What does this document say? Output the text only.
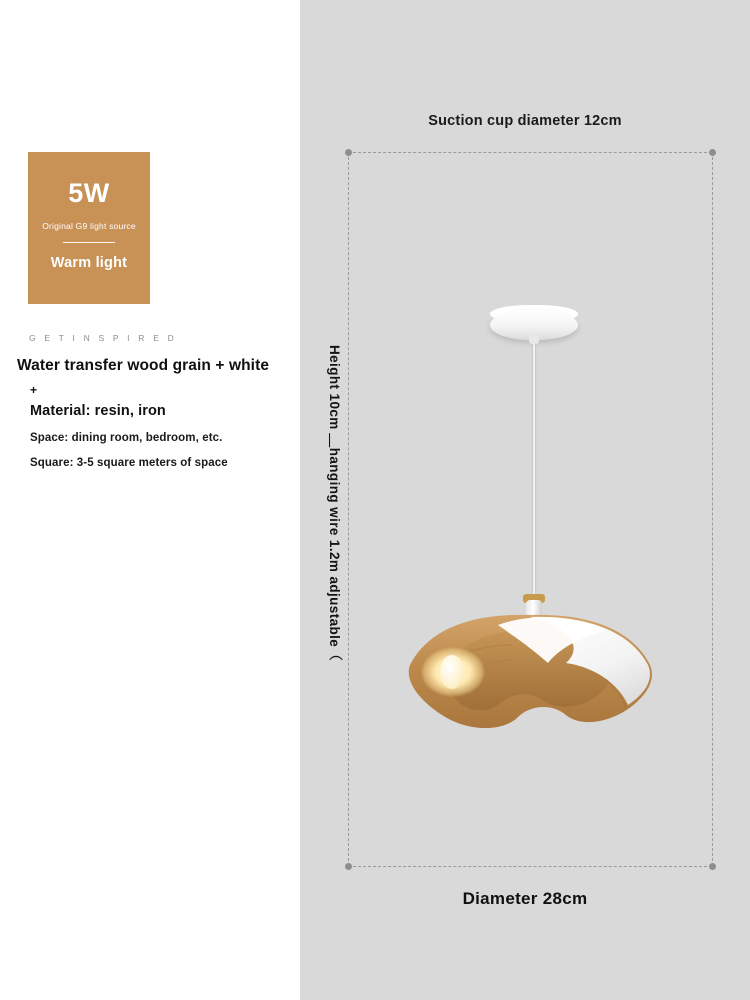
5W
Original G9 light source
Warm light
G E T I N S P I R E D
Water transfer wood grain + white
+
Material: resin, iron
Space: dining room, bedroom, etc.
Square: 3-5 square meters of space
Suction cup diameter 12cm
Diameter 28cm
Height 10cm ＿hanging wire 1.2m adjustable（
